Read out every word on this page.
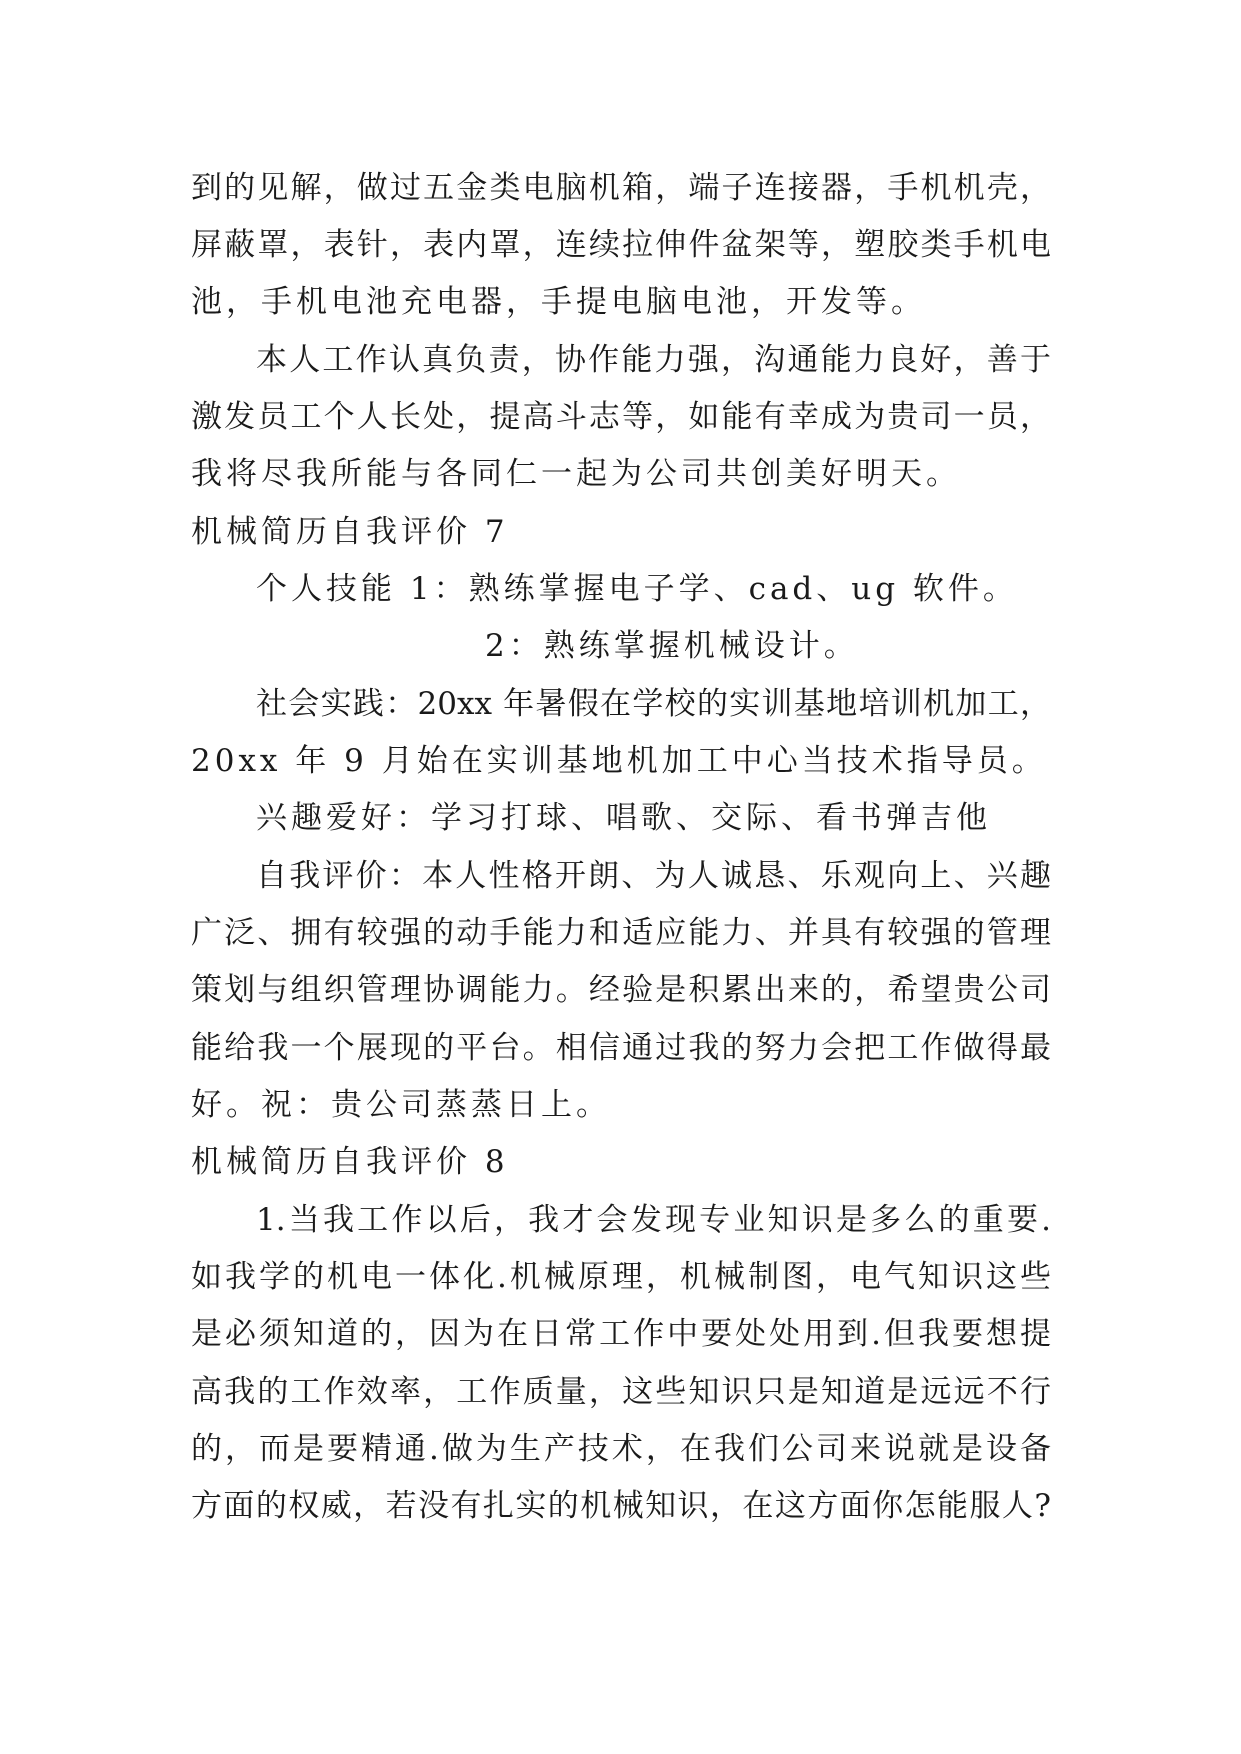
到的见解，做过五金类电脑机箱，端子连接器，手机机壳，
屏蔽罩，表针，表内罩，连续拉伸件盆架等，塑胶类手机电
池，手机电池充电器，手提电脑电池，开发等。
本人工作认真负责，协作能力强，沟通能力良好，善于
激发员工个人长处，提高斗志等，如能有幸成为贵司一员，
我将尽我所能与各同仁一起为公司共创美好明天。
机械简历自我评价 7
个人技能 1：熟练掌握电子学、cad、ug 软件。
2：熟练掌握机械设计。
社会实践：20xx 年暑假在学校的实训基地培训机加工，
20xx 年 9 月始在实训基地机加工中心当技术指导员。
兴趣爱好：学习打球、唱歌、交际、看书弹吉他
自我评价：本人性格开朗、为人诚恳、乐观向上、兴趣
广泛、拥有较强的动手能力和适应能力、并具有较强的管理
策划与组织管理协调能力。经验是积累出来的，希望贵公司
能给我一个展现的平台。相信通过我的努力会把工作做得最
好。祝：贵公司蒸蒸日上。
机械简历自我评价 8
1.当我工作以后，我才会发现专业知识是多么的重要.
如我学的机电一体化.机械原理，机械制图，电气知识这些
是必须知道的，因为在日常工作中要处处用到.但我要想提
高我的工作效率，工作质量，这些知识只是知道是远远不行
的，而是要精通.做为生产技术，在我们公司来说就是设备
方面的权威，若没有扎实的机械知识，在这方面你怎能服人?
